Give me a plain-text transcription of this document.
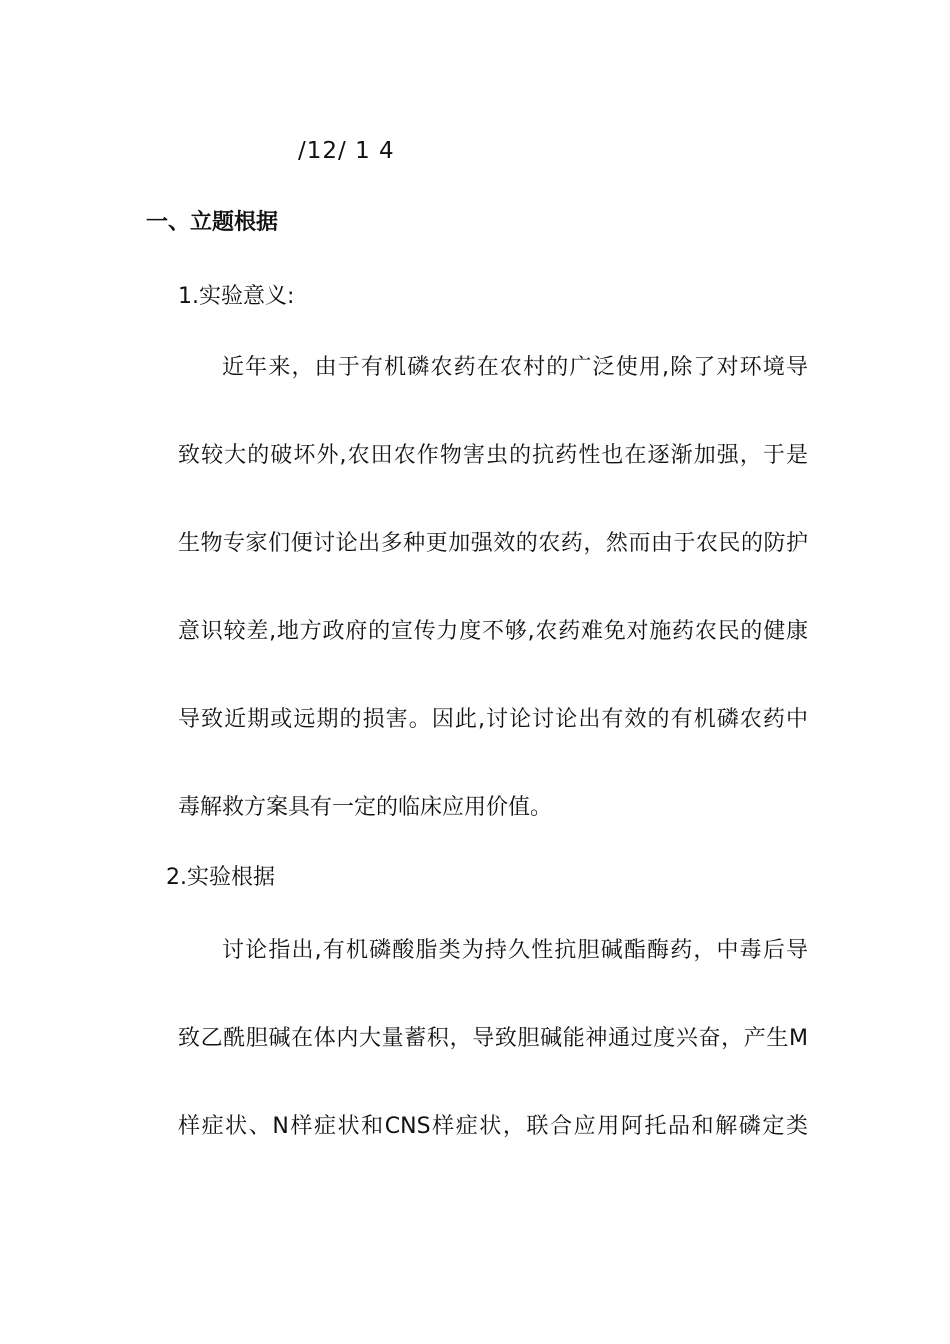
/12/ 1 4
一、立题根据
1.实验意义:
近年来，由于有机磷农药在农村的广泛使用,除了对环境导
致较大的破坏外,农田农作物害虫的抗药性也在逐渐加强，于是
生物专家们便讨论出多种更加强效的农药，然而由于农民的防护
意识较差,地方政府的宣传力度不够,农药难免对施药农民的健康
导致近期或远期的损害。因此,讨论讨论出有效的有机磷农药中
毒解救方案具有一定的临床应用价值。
2.实验根据
讨论指出,有机磷酸脂类为持久性抗胆碱酯酶药，中毒后导
致乙酰胆碱在体内大量蓄积，导致胆碱能神通过度兴奋，产生M
样症状、N样症状和CNS样症状，联合应用阿托品和解磷定类
